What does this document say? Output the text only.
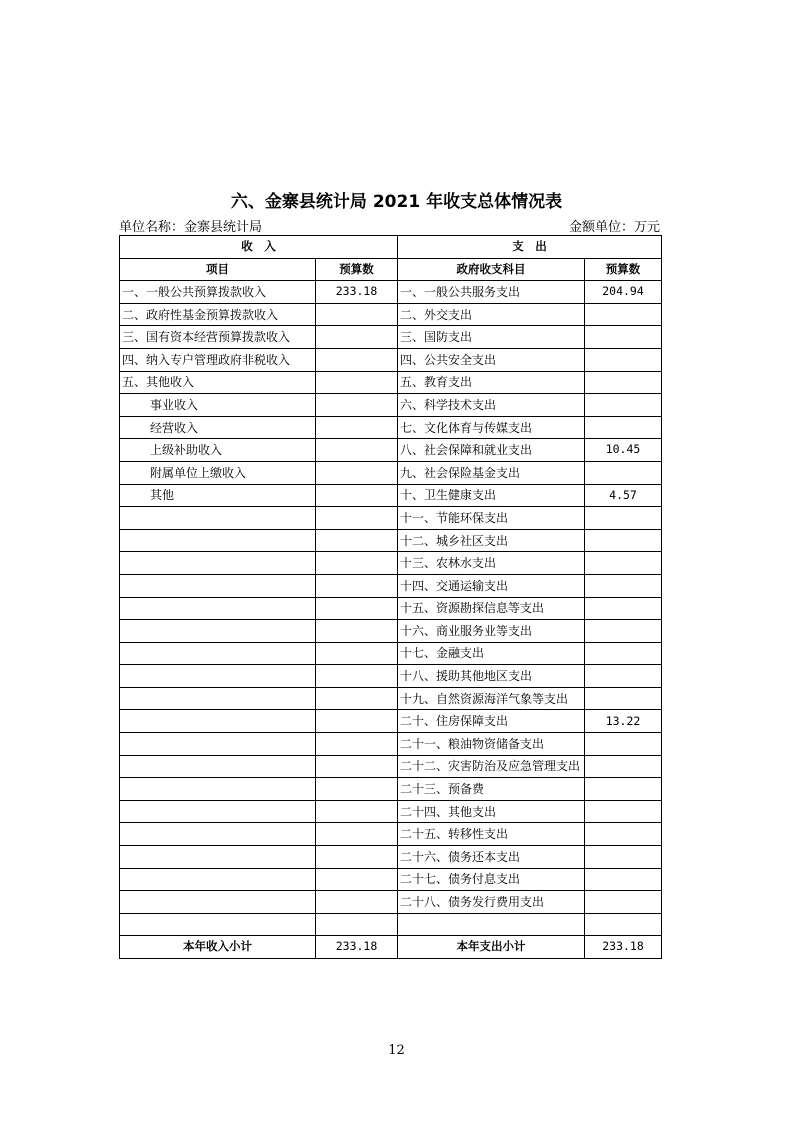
六、金寨县统计局 2021 年收支总体情况表
单位名称：金寨县统计局	金额单位：万元
收　入		支　出	
项目	预算数	政府收支科目	预算数
一、一般公共预算拨款收入	233.18	一、一般公共服务支出	204.94
二、政府性基金预算拨款收入		二、外交支出	
三、国有资本经营预算拨款收入		三、国防支出	
四、纳入专户管理政府非税收入		四、公共安全支出	
五、其他收入		五、教育支出	
事业收入		六、科学技术支出	
经营收入		七、文化体育与传媒支出	
上级补助收入		八、社会保障和就业支出	10.45
附属单位上缴收入		九、社会保险基金支出	
其他		十、卫生健康支出	4.57
		十一、节能环保支出	
		十二、城乡社区支出	
		十三、农林水支出	
		十四、交通运输支出	
		十五、资源勘探信息等支出	
		十六、商业服务业等支出	
		十七、金融支出	
		十八、援助其他地区支出	
		十九、自然资源海洋气象等支出	
		二十、住房保障支出	13.22
		二十一、粮油物资储备支出	
		二十二、灾害防治及应急管理支出	
		二十三、预备费	
		二十四、其他支出	
		二十五、转移性支出	
		二十六、债务还本支出	
		二十七、债务付息支出	
		二十八、债务发行费用支出	

本年收入小计	233.18	本年支出小计	233.18
12
